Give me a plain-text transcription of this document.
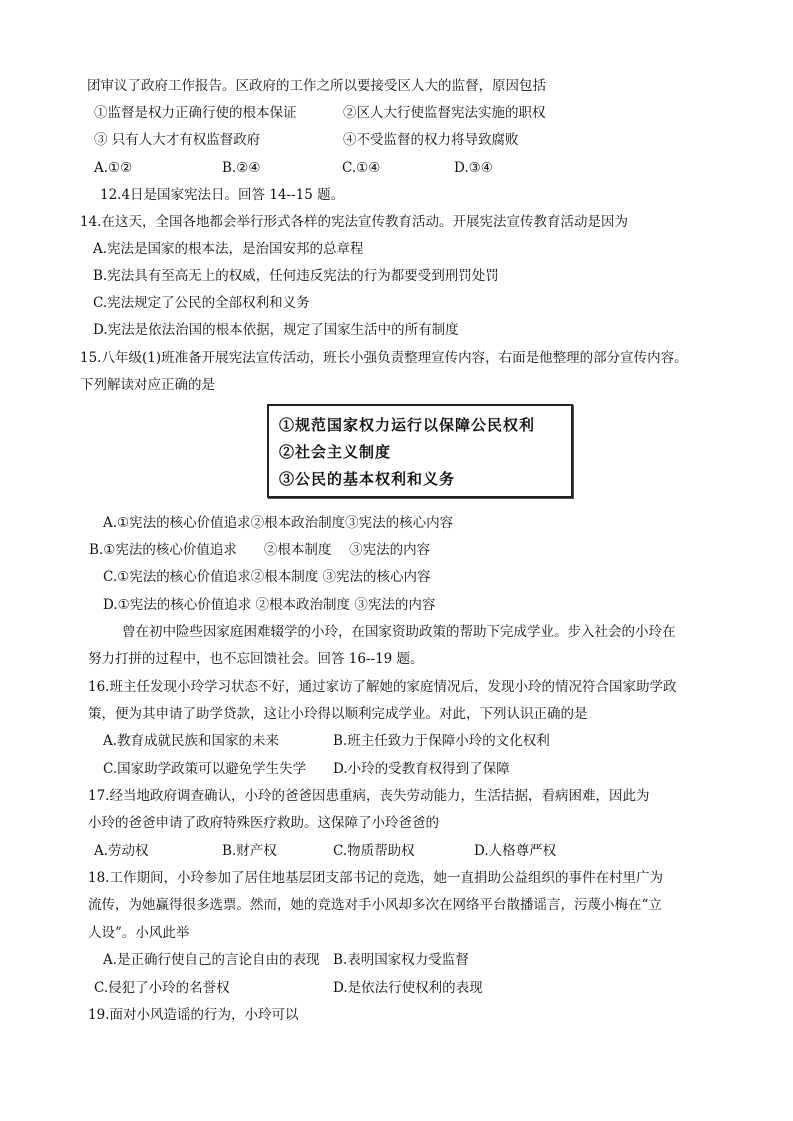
团审议了政府工作报告。区政府的工作之所以要接受区人大的监督，原因包括
①监督是权力正确行使的根本保证	②区人大行使监督宪法实施的职权
③ 只有人大才有权监督政府	④不受监督的权力将导致腐败
A.①②	B.②④	C.①④	D.③④
12.4日是国家宪法日。回答 14--15 题。
14.在这天，全国各地都会举行形式各样的宪法宣传教育活动。开展宪法宣传教育活动是因为
A.宪法是国家的根本法，是治国安邦的总章程
B.宪法具有至高无上的权威，任何违反宪法的行为都要受到刑罚处罚
C.宪法规定了公民的全部权利和义务
D.宪法是依法治国的根本依据，规定了国家生活中的所有制度
15.八年级(1)班准备开展宪法宣传活动，班长小强负责整理宣传内容，右面是他整理的部分宣传内容。
下列解读对应正确的是
①规范国家权力运行以保障公民权利
②社会主义制度
③公民的基本权利和义务
A.①宪法的核心价值追求②根本政治制度③宪法的核心内容
B.①宪法的核心价值追求　　②根本制度　 ③宪法的内容
C.①宪法的核心价值追求②根本制度 ③宪法的核心内容
D.①宪法的核心价值追求 ②根本政治制度 ③宪法的内容
曾在初中险些因家庭困难辍学的小玲，在国家资助政策的帮助下完成学业。步入社会的小玲在
努力打拼的过程中，也不忘回馈社会。回答 16--19 题。
16.班主任发现小玲学习状态不好，通过家访了解她的家庭情况后，发现小玲的情况符合国家助学政
策，便为其申请了助学贷款，这让小玲得以顺利完成学业。对此，下列认识正确的是
A.教育成就民族和国家的未来	B.班主任致力于保障小玲的文化权利
C.国家助学政策可以避免学生失学 D.小玲的受教育权得到了保障
17.经当地政府调查确认，小玲的爸爸因患重病，丧失劳动能力，生活拮据，看病困难，因此为
小玲的爸爸申请了政府特殊医疗救助。这保障了小玲爸爸的
A.劳动权	B.财产权	C.物质帮助权	D.人格尊严权
18.工作期间，小玲参加了居住地基层团支部书记的竞选，她一直捐助公益组织的事件在村里广为
流传，为她赢得很多选票。然而，她的竞选对手小风却多次在网络平台散播谣言，污蔑小梅在“立
人设”。小风此举
A.是正确行使自己的言论自由的表现 B.表明国家权力受监督
C.侵犯了小玲的名誉权	D.是依法行使权利的表现
19.面对小风造谣的行为，小玲可以
